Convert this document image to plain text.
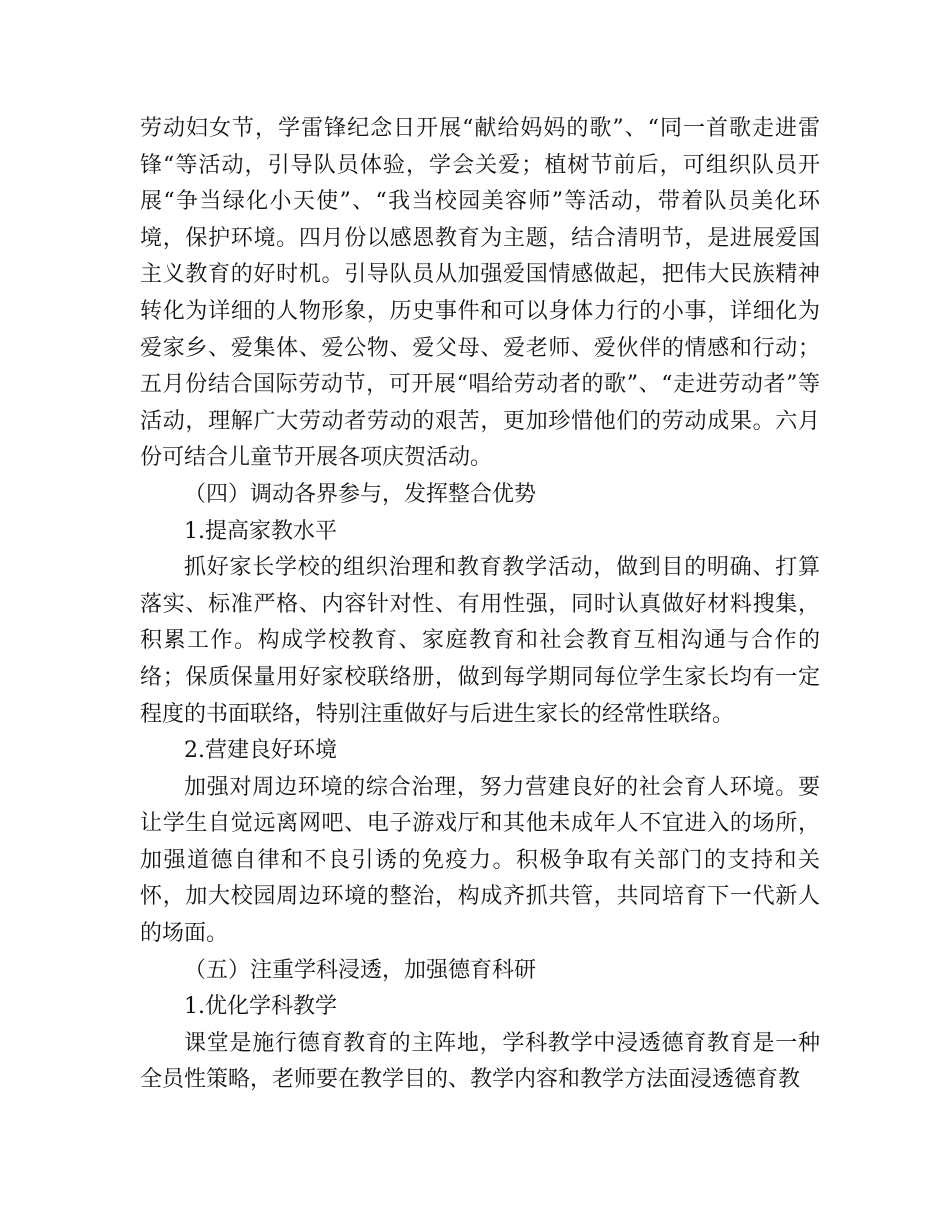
劳动妇女节，学雷锋纪念日开展“献给妈妈的歌”、“同一首歌走进雷锋“等活动，引导队员体验，学会关爱；植树节前后，可组织队员开展“争当绿化小天使”、“我当校园美容师”等活动，带着队员美化环境，保护环境。四月份以感恩教育为主题，结合清明节，是进展爱国主义教育的好时机。引导队员从加强爱国情感做起，把伟大民族精神转化为详细的人物形象，历史事件和可以身体力行的小事，详细化为爱家乡、爱集体、爱公物、爱父母、爱老师、爱伙伴的情感和行动；五月份结合国际劳动节，可开展“唱给劳动者的歌”、“走进劳动者”等活动，理解广大劳动者劳动的艰苦，更加珍惜他们的劳动成果。六月份可结合儿童节开展各项庆贺活动。

（四）调动各界参与，发挥整合优势

1.提高家教水平

抓好家长学校的组织治理和教育教学活动，做到目的明确、打算落实、标准严格、内容针对性、有用性强，同时认真做好材料搜集，积累工作。构成学校教育、家庭教育和社会教育互相沟通与合作的络；保质保量用好家校联络册，做到每学期同每位学生家长均有一定程度的书面联络，特别注重做好与后进生家长的经常性联络。

2.营建良好环境

加强对周边环境的综合治理，努力营建良好的社会育人环境。要让学生自觉远离网吧、电子游戏厅和其他未成年人不宜进入的场所，加强道德自律和不良引诱的免疫力。积极争取有关部门的支持和关怀，加大校园周边环境的整治，构成齐抓共管，共同培育下一代新人的场面。

（五）注重学科浸透，加强德育科研

1.优化学科教学

课堂是施行德育教育的主阵地，学科教学中浸透德育教育是一种全员性策略，老师要在教学目的、教学内容和教学方法面浸透德育教
